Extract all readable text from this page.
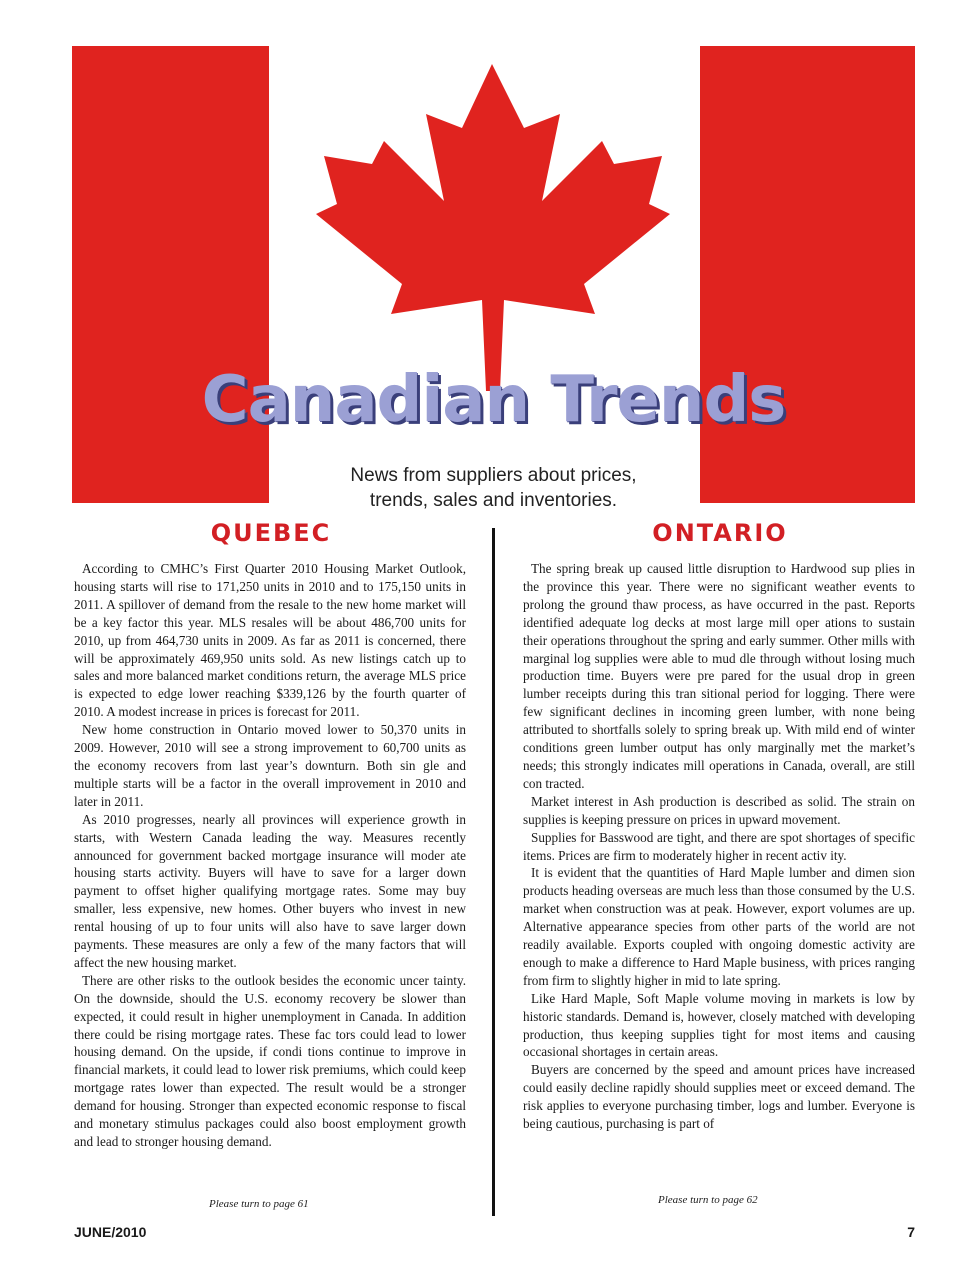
Canadian Trends
News from suppliers about prices,
trends, sales and inventories.
QUEBEC	ONTARIO

According to CMHC’s First Quarter 2010 Housing Market Outlook, housing starts will rise to 171,250 units in 2010 and to 175,150 units in 2011. A spillover of demand from the resale to the new home market will be a key factor this year. MLS resales will be about 486,700 units for 2010, up from 464,730 units in 2009. As far as 2011 is concerned, there will be approximately 469,950 units sold. As new listings catch up to sales and more balanced market conditions return, the average MLS price is expected to edge lower reaching $339,126 by the fourth quarter of 2010. A modest increase in prices is forecast for 2011.

New home construction in Ontario moved lower to 50,370 units in 2009. However, 2010 will see a strong improvement to 60,700 units as the economy recovers from last year’s downturn. Both sin gle and multiple starts will be a factor in the overall improvement in 2010 and later in 2011.

As 2010 progresses, nearly all provinces will experience growth in starts, with Western Canada leading the way. Measures recently announced for government backed mortgage insurance will moder ate housing starts activity. Buyers will have to save for a larger down payment to offset higher qualifying mortgage rates. Some may buy smaller, less expensive, new homes. Other buyers who invest in new rental housing of up to four units will also have to save larger down payments. These measures are only a few of the many factors that will affect the new housing market.

There are other risks to the outlook besides the economic uncer tainty. On the downside, should the U.S. economy recovery be slower than expected, it could result in higher unemployment in Canada. In addition there could be rising mortgage rates. These fac tors could lead to lower housing demand. On the upside, if condi tions continue to improve in financial markets, it could lead to lower risk premiums, which could keep mortgage rates lower than expected. The result would be a stronger demand for housing. Stronger than expected economic response to fiscal and monetary stimulus packages could also boost employment growth and lead to stronger housing demand.

The spring break up caused little disruption to Hardwood sup plies in the province this year. There were no significant weather events to prolong the ground thaw process, as have occurred in the past. Reports identified adequate log decks at most large mill oper ations to sustain their operations throughout the spring and early summer. Other mills with marginal log supplies were able to mud dle through without losing much production time. Buyers were pre pared for the usual drop in green lumber receipts during this tran sitional period for logging. There were few significant declines in incoming green lumber, with none being attributed to shortfalls solely to spring break up. With mild end of winter conditions green lumber output has only marginally met the market’s needs; this strongly indicates mill operations in Canada, overall, are still con tracted.

Market interest in Ash production is described as solid. The strain on supplies is keeping pressure on prices in upward movement.

Supplies for Basswood are tight, and there are spot shortages of specific items. Prices are firm to moderately higher in recent activ ity.

It is evident that the quantities of Hard Maple lumber and dimen sion products heading overseas are much less than those consumed by the U.S. market when construction was at peak. However, export volumes are up. Alternative appearance species from other parts of the world are not readily available. Exports coupled with ongoing domestic activity are enough to make a difference to Hard Maple business, with prices ranging from firm to slightly higher in mid to late spring.

Like Hard Maple, Soft Maple volume moving in markets is low by historic standards. Demand is, however, closely matched with developing production, thus keeping supplies tight for most items and causing occasional shortages in certain areas.

Buyers are concerned by the speed and amount prices have increased could easily decline rapidly should supplies meet or exceed demand. The risk applies to everyone purchasing timber, logs and lumber. Everyone is being cautious, purchasing is part of

Please turn to page 61	Please turn to page 62
JUNE/2010	7
